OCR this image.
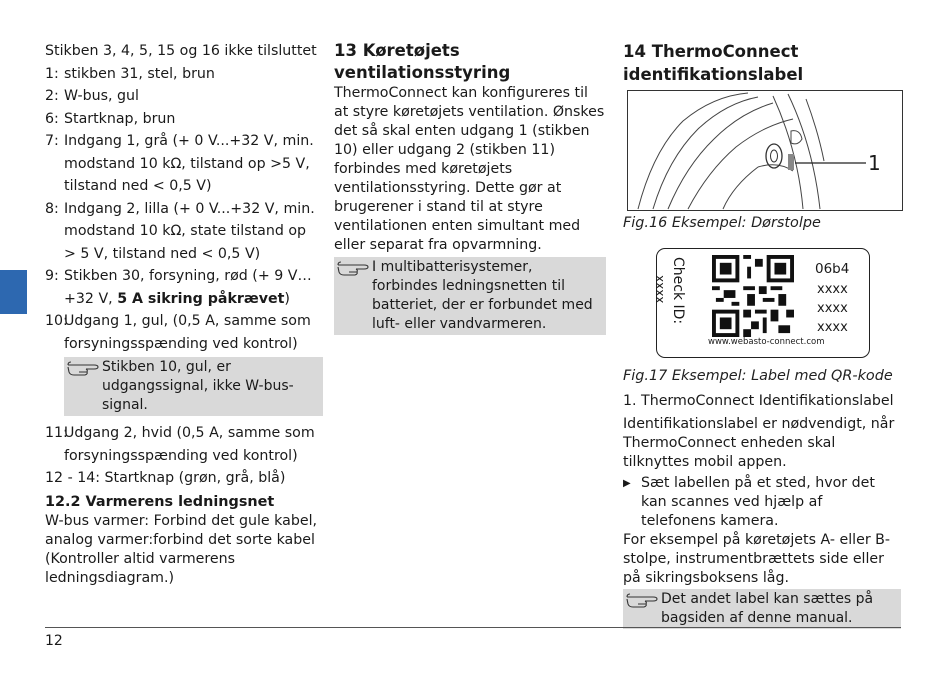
Stikben 3, 4, 5, 15 og 16 ikke tilsluttet
1: stikben 31, stel, brun
2: W-bus, gul
6: Startknap, brun
7: Indgang 1, grå (+ 0 V...+32 V, min. modstand 10 kΩ, tilstand op >5 V, tilstand ned < 0,5 V)
8: Indgang 2, lilla (+ 0 V...+32 V, min. modstand 10 kΩ, state tilstand op > 5 V, tilstand ned < 0,5 V)
9: Stikben 30, forsyning, rød (+ 9 V…+32 V, 5 A sikring påkrævet)
10:
Udgang 1, gul, (0,5 A, samme som forsyningsspænding ved kontrol)
Stikben 10, gul, er udgangssignal, ikke W-bus-signal.
11:
Udgang 2, hvid (0,5 A, samme som forsyningsspænding ved kontrol)
12 - 14: Startknap (grøn, grå, blå)
12.2 Varmerens ledningsnet
W-bus varmer: Forbind det gule kabel, analog varmer:forbind det sorte kabel (Kontroller altid varmerens ledningsdiagram.)
13 Køretøjets ventilationsstyring
ThermoConnect kan konfigureres til at styre køretøjets ventilation. Ønskes det så skal enten udgang 1 (stikben 10) eller udgang 2 (stikben 11) forbindes med køretøjets ventilationsstyring. Dette gør at brugerener i stand til at styre ventilationen enten simultant med eller separat fra opvarmning.
I multibatterisystemer, forbindes ledningsnetten til batteriet, der er forbundet med luft- eller vandvarmeren.
14 ThermoConnect identifikationslabel
1
Fig.16 Eksempel: Dørstolpe
Check ID:
xxxx
06b4
xxxx
xxxx
xxxx
www.webasto-connect.com
Fig.17 Eksempel: Label med QR-kode
1. ThermoConnect Identifikationslabel
Identifikationslabel er nødvendigt, når ThermoConnect enheden skal tilknyttes mobil appen.
▶ Sæt labellen på et sted, hvor det kan scannes ved hjælp af telefonens kamera.
For eksempel på køretøjets A- eller B-stolpe, instrumentbrættets side eller på sikringsboksens låg.
Det andet label kan sættes på bagsiden af denne manual.
12
